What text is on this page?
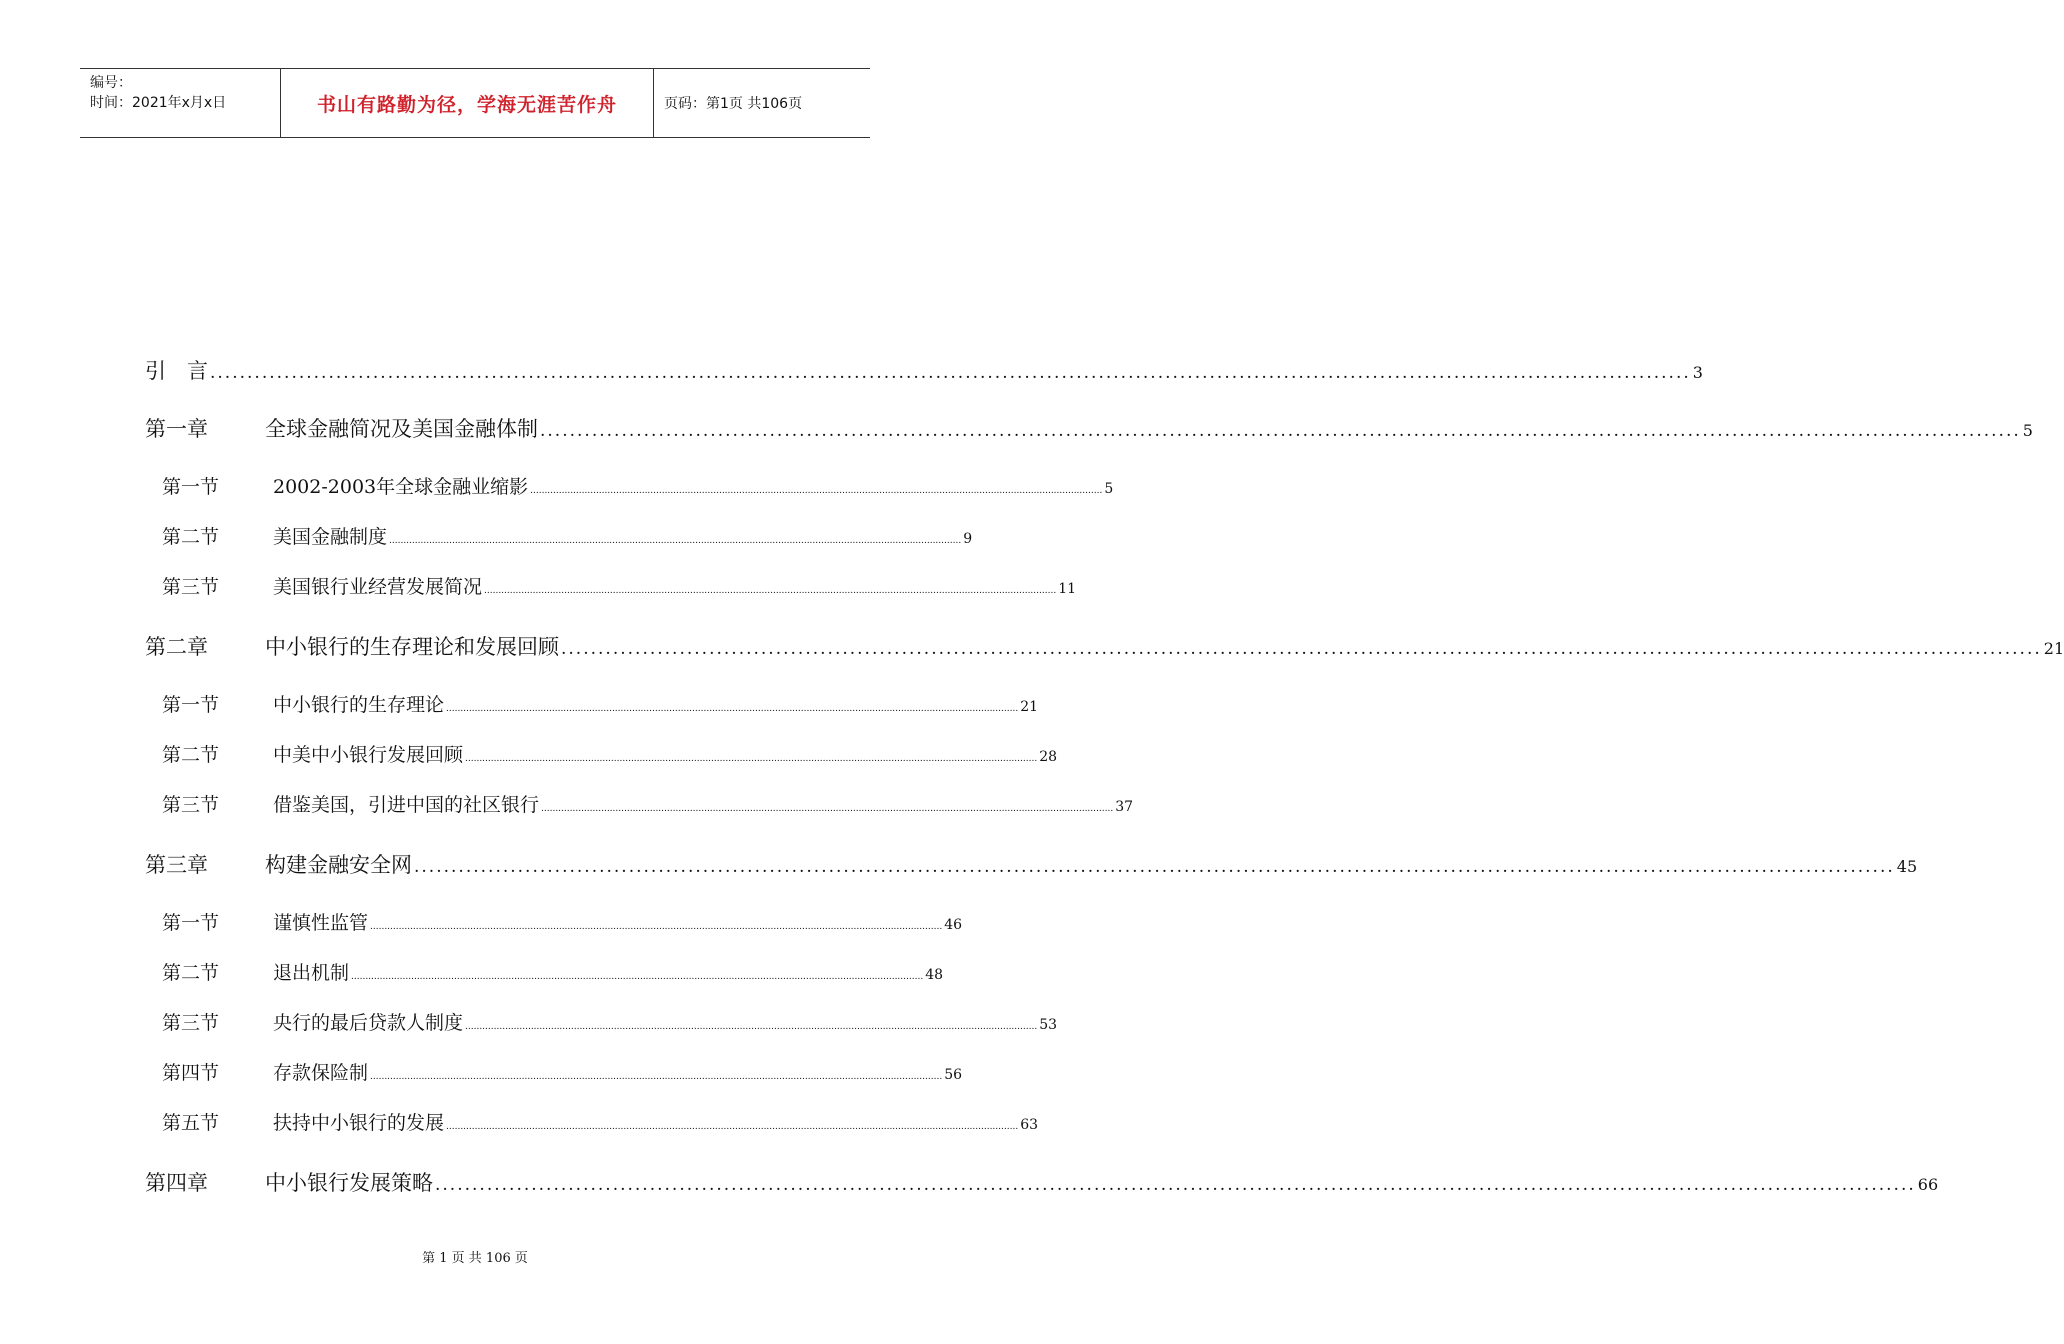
编号：
时间：2021年x月x日	书山有路勤为径，学海无涯苦作舟	页码：第1页 共106页
引　言 ........................................................................................................................................................................................................ 3
第一章	全球金融简况及美国金融体制 ........................................................................................................................................................................................................ 5
第一节	2002-2003年全球金融业缩影 ........................................................................................................................................................................................................ 5
第二节	美国金融制度 ........................................................................................................................................................................................................ 9
第三节	美国银行业经营发展简况 ........................................................................................................................................................................................................ 11
第二章	中小银行的生存理论和发展回顾 ........................................................................................................................................................................................................ 21
第一节	中小银行的生存理论 ........................................................................................................................................................................................................ 21
第二节	中美中小银行发展回顾 ........................................................................................................................................................................................................ 28
第三节	借鉴美国，引进中国的社区银行 ........................................................................................................................................................................................................ 37
第三章	构建金融安全网 ........................................................................................................................................................................................................ 45
第一节	谨慎性监管 ........................................................................................................................................................................................................ 46
第二节	退出机制 ........................................................................................................................................................................................................ 48
第三节	央行的最后贷款人制度 ........................................................................................................................................................................................................ 53
第四节	存款保险制 ........................................................................................................................................................................................................ 56
第五节	扶持中小银行的发展 ........................................................................................................................................................................................................ 63
第四章	中小银行发展策略 ........................................................................................................................................................................................................ 66
第 1 页 共 106 页
